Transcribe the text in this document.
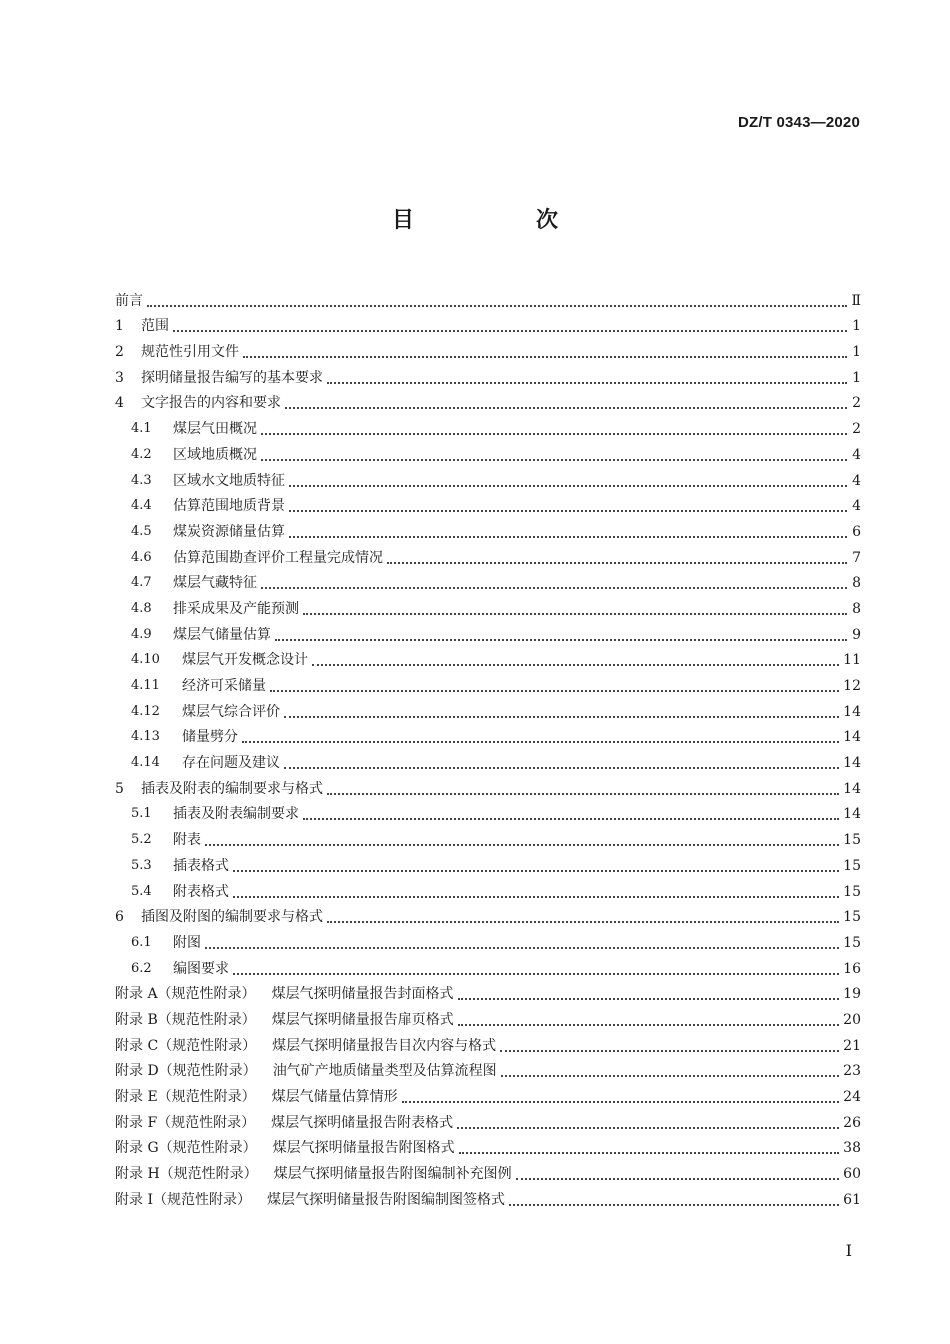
DZ/T 0343—2020
目　次
前言	Ⅱ
1	范围	1
2	规范性引用文件	1
3	探明储量报告编写的基本要求	1
4	文字报告的内容和要求	2
4.1	煤层气田概况	2
4.2	区域地质概况	4
4.3	区域水文地质特征	4
4.4	估算范围地质背景	4
4.5	煤炭资源储量估算	6
4.6	估算范围勘查评价工程量完成情况	7
4.7	煤层气藏特征	8
4.8	排采成果及产能预测	8
4.9	煤层气储量估算	9
4.10	煤层气开发概念设计	11
4.11	经济可采储量	12
4.12	煤层气综合评价	14
4.13	储量劈分	14
4.14	存在问题及建议	14
5	插表及附表的编制要求与格式	14
5.1	插表及附表编制要求	14
5.2	附表	15
5.3	插表格式	15
5.4	附表格式	15
6	插图及附图的编制要求与格式	15
6.1	附图	15
6.2	编图要求	16
附录 A（规范性附录） 煤层气探明储量报告封面格式	19
附录 B（规范性附录） 煤层气探明储量报告扉页格式	20
附录 C（规范性附录） 煤层气探明储量报告目次内容与格式	21
附录 D（规范性附录） 油气矿产地质储量类型及估算流程图	23
附录 E（规范性附录） 煤层气储量估算情形	24
附录 F（规范性附录） 煤层气探明储量报告附表格式	26
附录 G（规范性附录） 煤层气探明储量报告附图格式	38
附录 H（规范性附录） 煤层气探明储量报告附图编制补充图例	60
附录 I（规范性附录） 煤层气探明储量报告附图编制图签格式	61
I
